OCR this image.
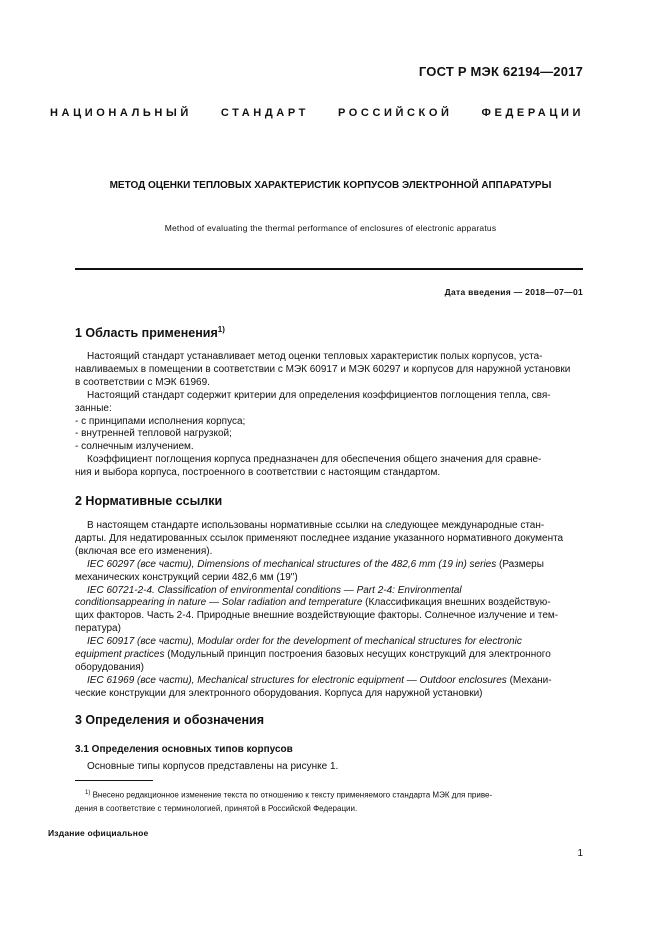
ГОСТ Р МЭК 62194—2017
НАЦИОНАЛЬНЫЙ СТАНДАРТ РОССИЙСКОЙ ФЕДЕРАЦИИ
МЕТОД ОЦЕНКИ ТЕПЛОВЫХ ХАРАКТЕРИСТИК КОРПУСОВ ЭЛЕКТРОННОЙ АППАРАТУРЫ
Method of evaluating the thermal performance of enclosures of electronic apparatus
Дата введения — 2018—07—01
1 Область применения$^{1)}$
Настоящий стандарт устанавливает метод оценки тепловых характеристик полых корпусов, уста-
навливаемых в помещении в соответствии с МЭК 60917 и МЭК 60297 и корпусов для наружной установки
в соответствии с МЭК 61969.
Настоящий стандарт содержит критерии для определения коэффициентов поглощения тепла, свя-
занные:
- с принципами исполнения корпуса;
- внутренней тепловой нагрузкой;
- солнечным излучением.
Коэффициент поглощения корпуса предназначен для обеспечения общего значения для сравне-
ния и выбора корпуса, построенного в соответствии с настоящим стандартом.
2 Нормативные ссылки
В настоящем стандарте использованы нормативные ссылки на следующее международные стан-
дарты. Для недатированных ссылок применяют последнее издание указанного нормативного документа
(включая все его изменения).
IEC 60297 (все части), Dimensions of mechanical structures of the 482,6 mm (19 in) series (Размеры
механических конструкций серии 482,6 мм (19")
IEC 60721-2-4. Classification of environmental conditions — Part 2-4: Environmental
conditionsappearing in nature — Solar radiation and temperature (Классификация внешних воздействую-
щих факторов. Часть 2-4. Природные внешние воздействующие факторы. Солнечное излучение и тем-
пература)
IEC 60917 (все части), Modular order for the development of mechanical structures for electronic
equipment practices (Модульный принцип построения базовых несущих конструкций для электронного
оборудования)
IEC 61969 (все части), Mechanical structures for electronic equipment — Outdoor enclosures (Механи-
ческие конструкции для электронного оборудования. Корпуса для наружной установки)
3 Определения и обозначения
3.1 Определения основных типов корпусов
Основные типы корпусов представлены на рисунке 1.
$^{1)}$ Внесено редакционное изменение текста по отношению к тексту применяемого стандарта МЭК для приве-
дения в соответствие с терминологией, принятой в Российской Федерации.
Издание официальное
1
